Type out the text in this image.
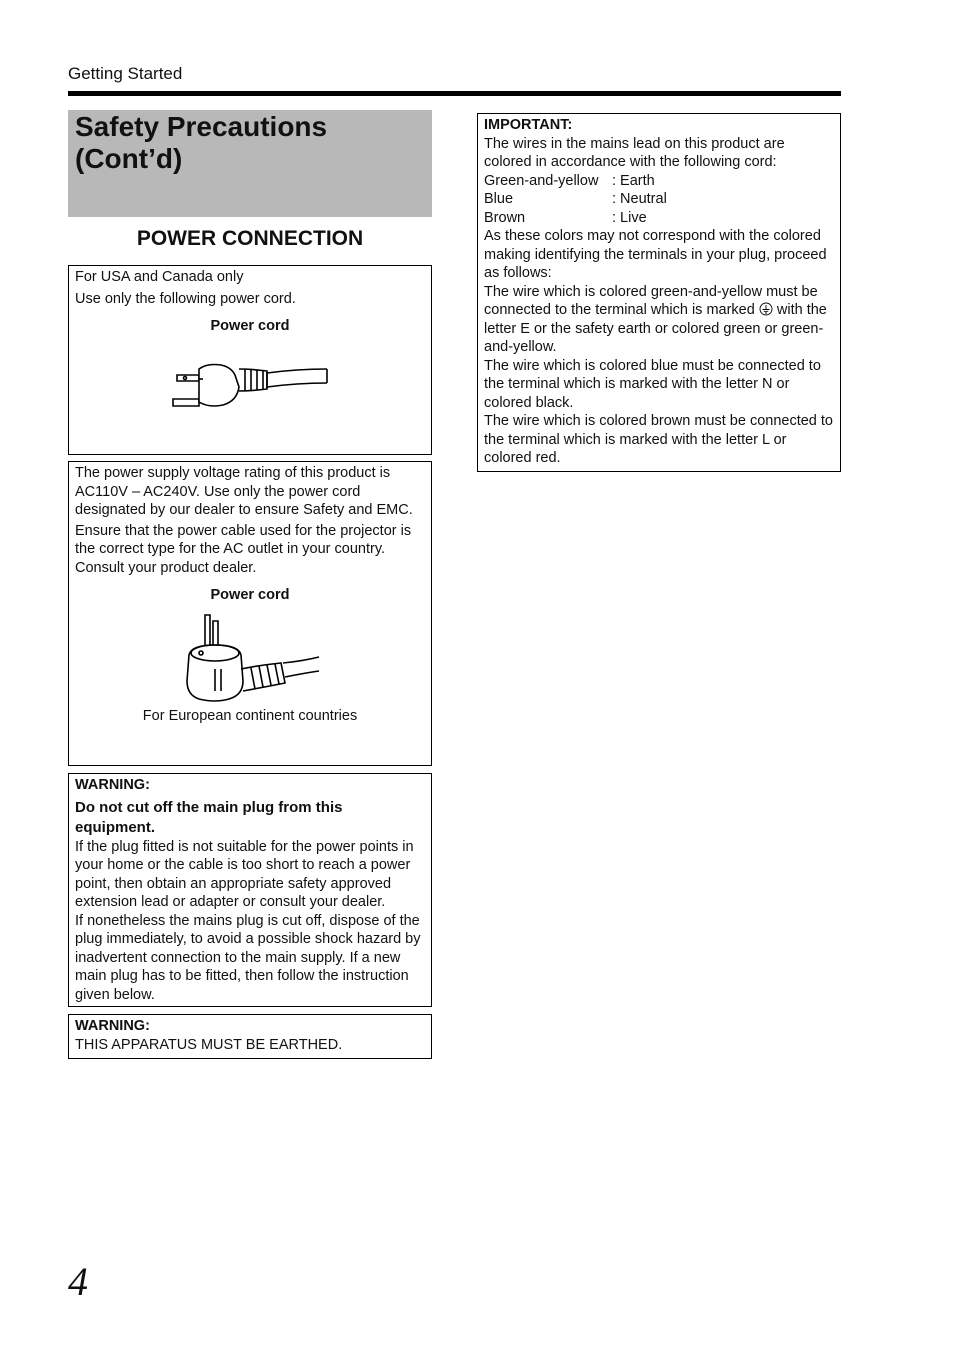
Getting Started
Safety Precautions
(Cont’d)
POWER CONNECTION

For USA and Canada only

Use only the following power cord.

Power cord

The power supply voltage rating of this product is AC110V – AC240V. Use only the power cord designated by our dealer to ensure Safety and EMC.

Ensure that the power cable used for the projector is the correct type for the AC outlet in your country. Consult your product dealer.

Power cord

For European continent countries

WARNING:

Do not cut off the main plug from this equipment.

If the plug fitted is not suitable for the power points in your home or the cable is too short to reach a power point, then obtain an appropriate safety approved extension lead or adapter or consult your dealer.

If nonetheless the mains plug is cut off, dispose of the plug immediately, to avoid a possible shock hazard by inadvertent connection to the main supply. If a new main plug has to be fitted, then follow the instruction given below.

WARNING:

THIS APPARATUS MUST BE EARTHED.

IMPORTANT:

The wires in the mains lead on this product are colored in accordance with the following cord:

Green-and-yellow : Earth
Blue	: Neutral
Brown	: Live

As these colors may not correspond with the colored making identifying the terminals in your plug, proceed as follows:

The wire which is colored green-and-yellow must be connected to the terminal which is marked with the letter E or the safety earth or colored green or green-and-yellow.

The wire which is colored blue must be connected to the terminal which is marked with the letter N or colored black.

The wire which is colored brown must be connected to the terminal which is marked with the letter L or colored red.

4
